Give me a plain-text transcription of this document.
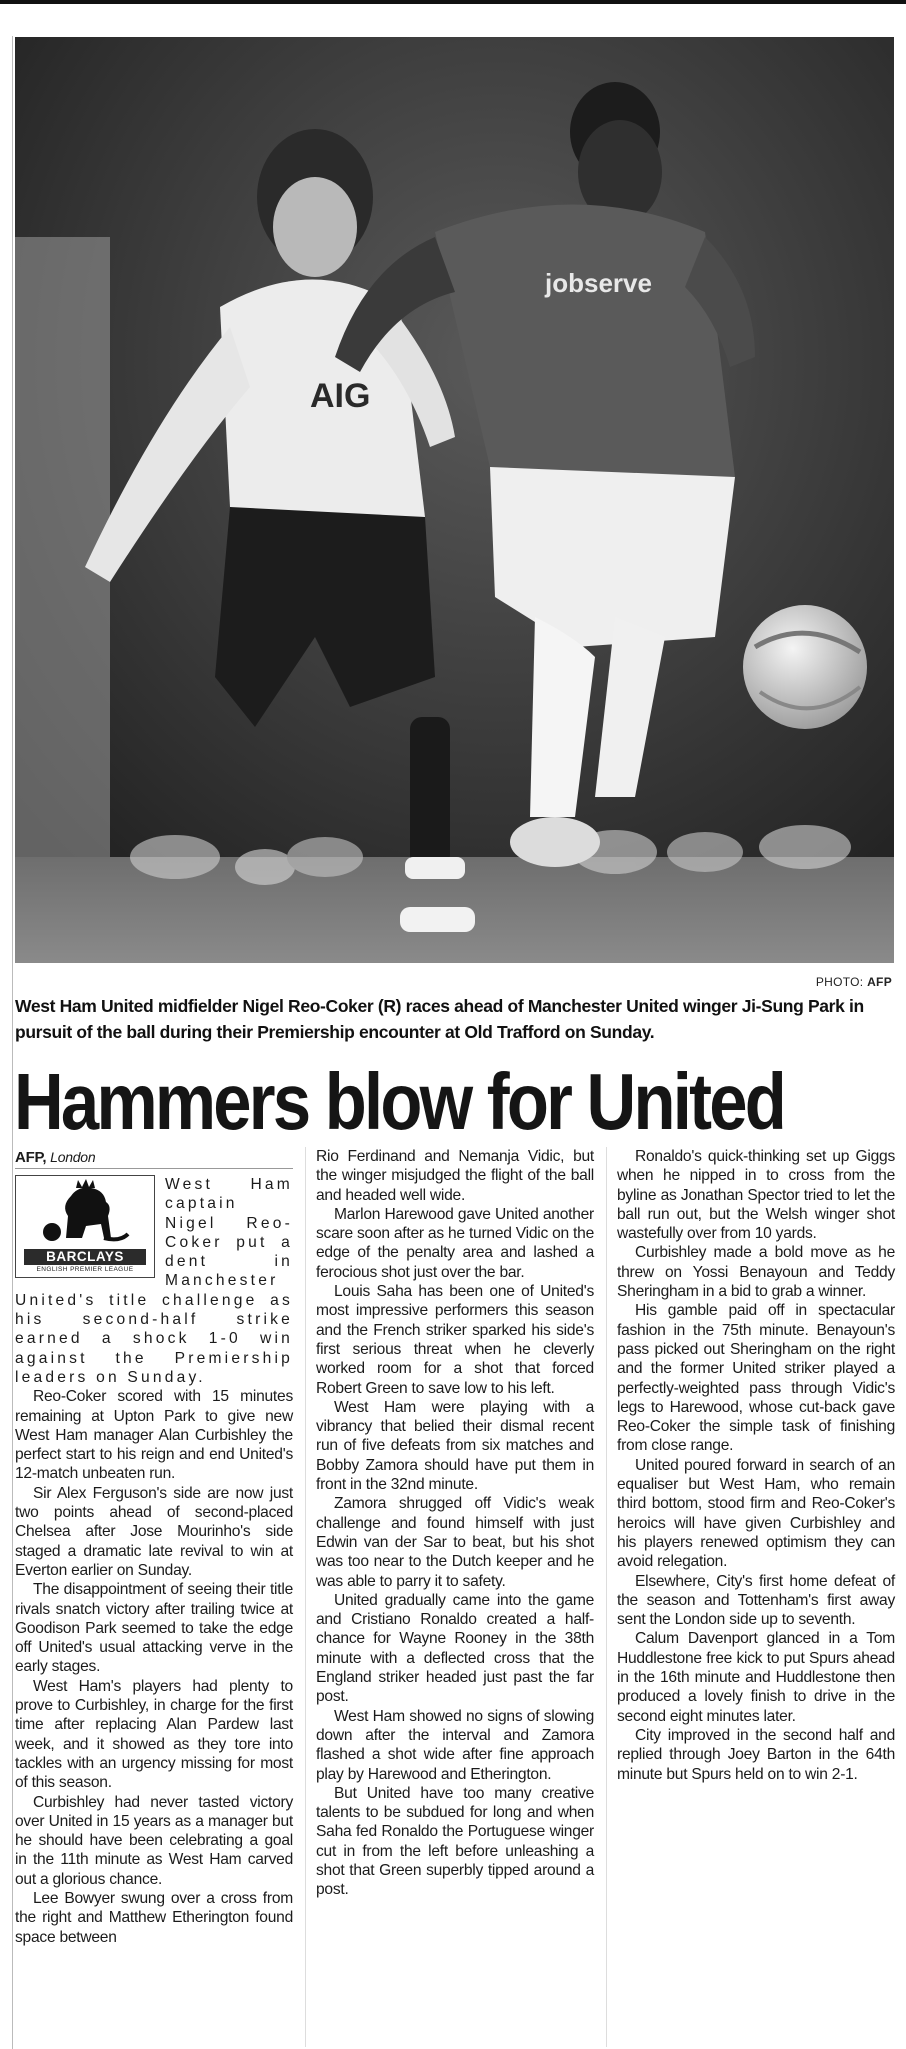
AIG
jobserve
PHOTO: AFP
West Ham United midfielder Nigel Reo-Coker (R) races ahead of Manchester United winger Ji-Sung Park in pursuit of the ball during their Premiership encounter at Old Trafford on Sunday.
Hammers blow for United

AFP, London

BARCLAYS
ENGLISH PREMIER LEAGUE

West Ham captain Nigel Reo-Coker put a dent in Manchester United's title challenge as his second-half strike earned a shock 1-0 win against the Premiership leaders on Sunday.

Reo-Coker scored with 15 minutes remaining at Upton Park to give new West Ham manager Alan Curbishley the perfect start to his reign and end United's 12-match unbeaten run.

Sir Alex Ferguson's side are now just two points ahead of second-placed Chelsea after Jose Mourinho's side staged a dramatic late revival to win at Everton earlier on Sunday.

The disappointment of seeing their title rivals snatch victory after trailing twice at Goodison Park seemed to take the edge off United's usual attacking verve in the early stages.

West Ham's players had plenty to prove to Curbishley, in charge for the first time after replacing Alan Pardew last week, and it showed as they tore into tackles with an urgency missing for most of this season.

Curbishley had never tasted victory over United in 15 years as a manager but he should have been celebrating a goal in the 11th minute as West Ham carved out a glorious chance.

Lee Bowyer swung over a cross from the right and Matthew Etherington found space between

Rio Ferdinand and Nemanja Vidic, but the winger misjudged the flight of the ball and headed well wide.

Marlon Harewood gave United another scare soon after as he turned Vidic on the edge of the penalty area and lashed a ferocious shot just over the bar.

Louis Saha has been one of United's most impressive performers this season and the French striker sparked his side's first serious threat when he cleverly worked room for a shot that forced Robert Green to save low to his left.

West Ham were playing with a vibrancy that belied their dismal recent run of five defeats from six matches and Bobby Zamora should have put them in front in the 32nd minute.

Zamora shrugged off Vidic's weak challenge and found himself with just Edwin van der Sar to beat, but his shot was too near to the Dutch keeper and he was able to parry it to safety.

United gradually came into the game and Cristiano Ronaldo created a half-chance for Wayne Rooney in the 38th minute with a deflected cross that the England striker headed just past the far post.

West Ham showed no signs of slowing down after the interval and Zamora flashed a shot wide after fine approach play by Harewood and Etherington.

But United have too many creative talents to be subdued for long and when Saha fed Ronaldo the Portuguese winger cut in from the left before unleashing a shot that Green superbly tipped around a post.

Ronaldo's quick-thinking set up Giggs when he nipped in to cross from the byline as Jonathan Spector tried to let the ball run out, but the Welsh winger shot wastefully over from 10 yards.

Curbishley made a bold move as he threw on Yossi Benayoun and Teddy Sheringham in a bid to grab a winner.

His gamble paid off in spectacular fashion in the 75th minute. Benayoun's pass picked out Sheringham on the right and the former United striker played a perfectly-weighted pass through Vidic's legs to Harewood, whose cut-back gave Reo-Coker the simple task of finishing from close range.

United poured forward in search of an equaliser but West Ham, who remain third bottom, stood firm and Reo-Coker's heroics will have given Curbishley and his players renewed optimism they can avoid relegation.

Elsewhere, City's first home defeat of the season and Tottenham's first away sent the London side up to seventh.

Calum Davenport glanced in a Tom Huddlestone free kick to put Spurs ahead in the 16th minute and Huddlestone then produced a lovely finish to drive in the second eight minutes later.

City improved in the second half and replied through Joey Barton in the 64th minute but Spurs held on to win 2-1.
